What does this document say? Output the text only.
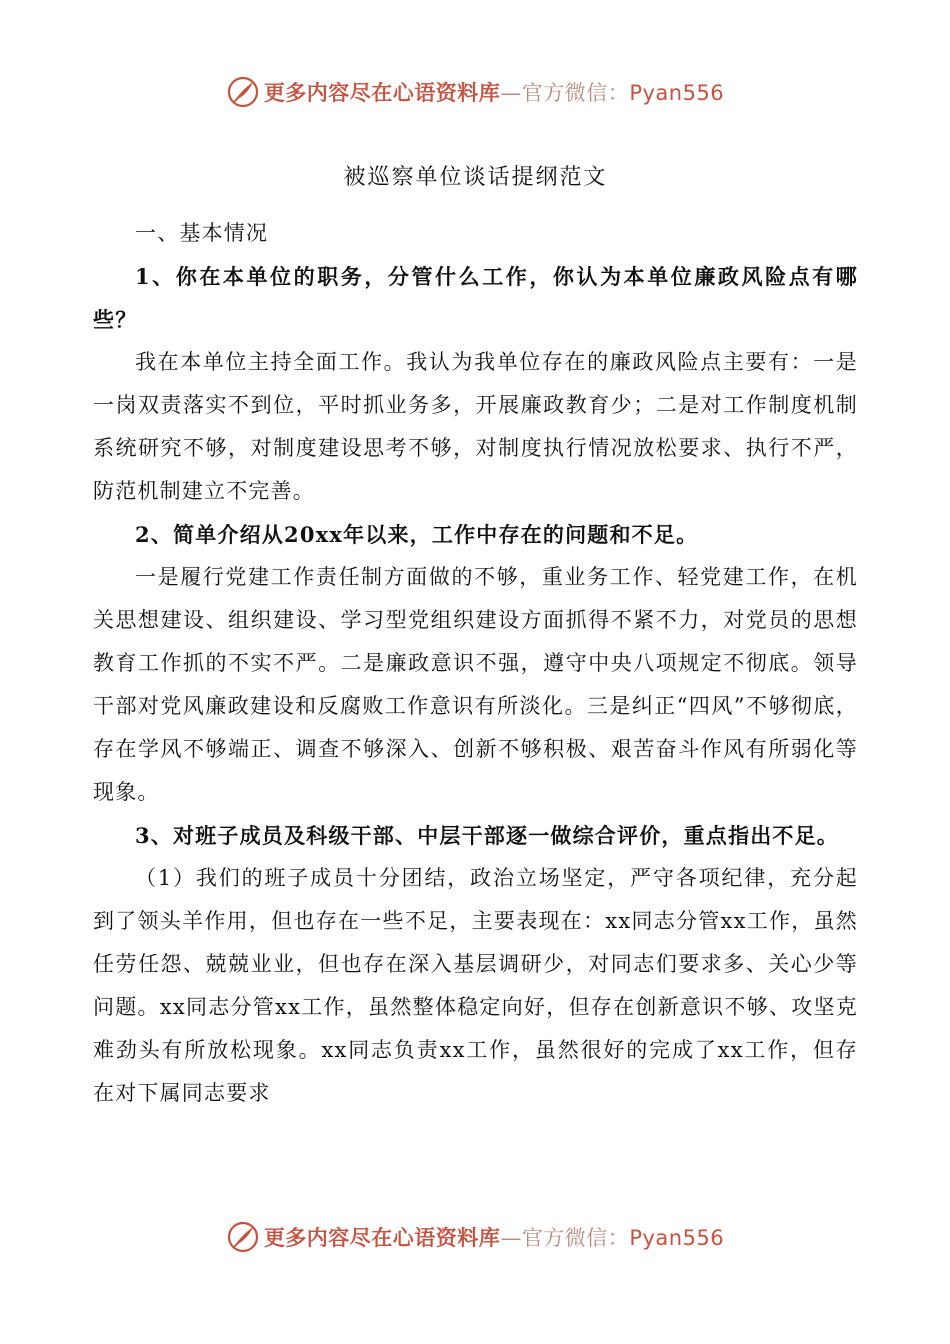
更多内容尽在心语资料库—官方微信：Pyan556
被巡察单位谈话提纲范文

一、基本情况

1、你在本单位的职务，分管什么工作，你认为本单位廉政风险点有哪些？

我在本单位主持全面工作。我认为我单位存在的廉政风险点主要有：一是一岗双责落实不到位，平时抓业务多，开展廉政教育少；二是对工作制度机制系统研究不够，对制度建设思考不够，对制度执行情况放松要求、执行不严，防范机制建立不完善。

2、简单介绍从20xx年以来，工作中存在的问题和不足。

一是履行党建工作责任制方面做的不够，重业务工作、轻党建工作，在机关思想建设、组织建设、学习型党组织建设方面抓得不紧不力，对党员的思想教育工作抓的不实不严。二是廉政意识不强，遵守中央八项规定不彻底。领导干部对党风廉政建设和反腐败工作意识有所淡化。三是纠正“四风”不够彻底，存在学风不够端正、调查不够深入、创新不够积极、艰苦奋斗作风有所弱化等现象。

3、对班子成员及科级干部、中层干部逐一做综合评价，重点指出不足。

（1）我们的班子成员十分团结，政治立场坚定，严守各项纪律，充分起到了领头羊作用，但也存在一些不足，主要表现在：xx同志分管xx工作，虽然任劳任怨、兢兢业业，但也存在深入基层调研少，对同志们要求多、关心少等问题。xx同志分管xx工作，虽然整体稳定向好，但存在创新意识不够、攻坚克难劲头有所放松现象。xx同志负责xx工作，虽然很好的完成了xx工作，但存在对下属同志要求

更多内容尽在心语资料库—官方微信：Pyan556
